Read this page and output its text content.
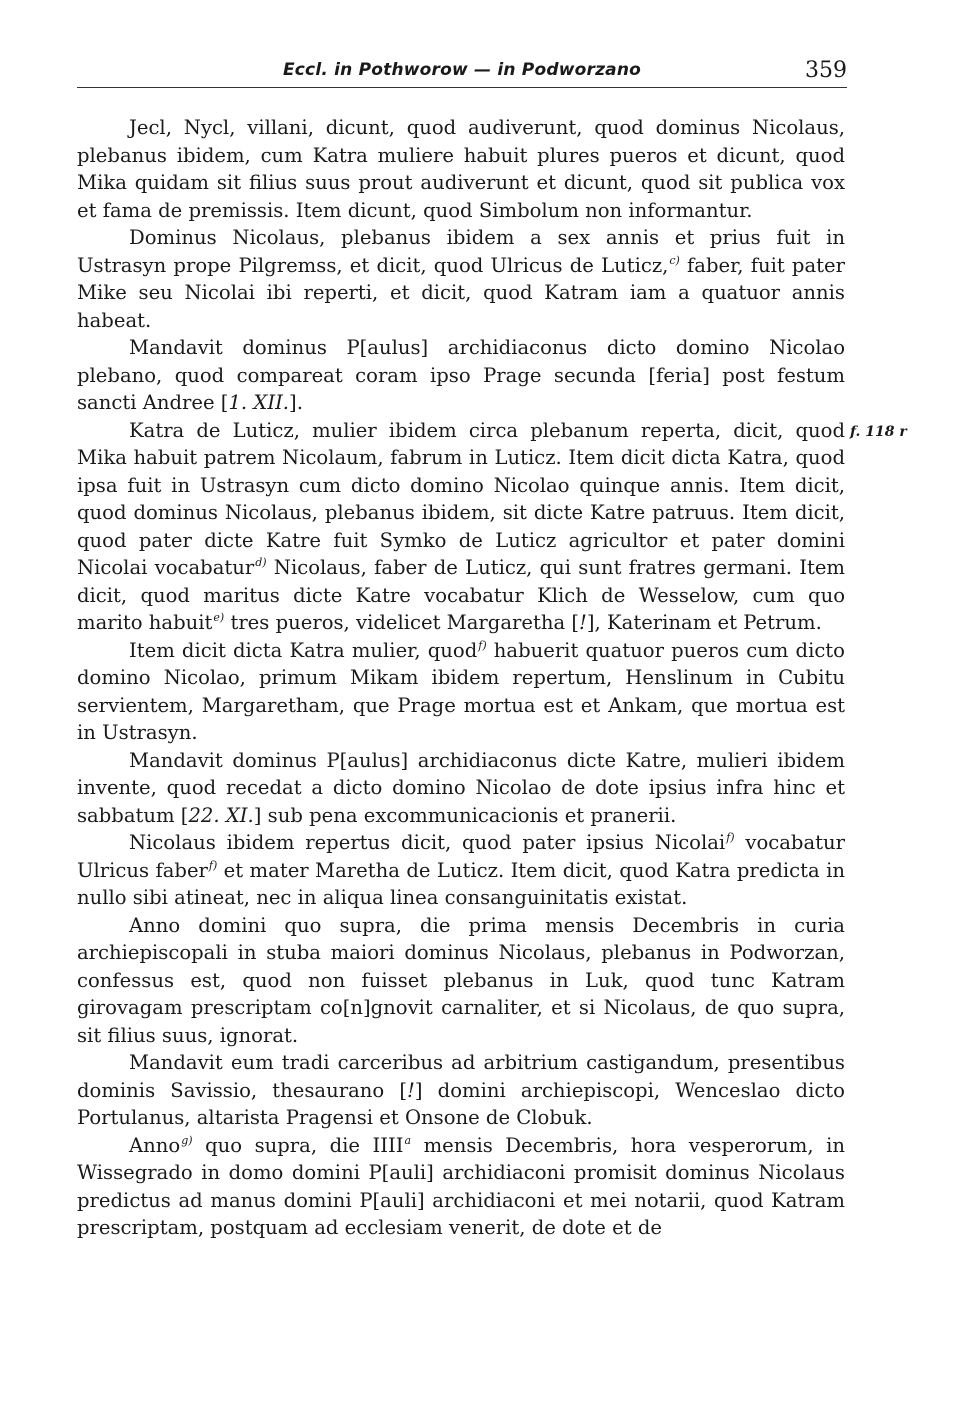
Eccl. in Pothworow — in Podworzano	359
f. 118 r

Jecl, Nycl, villani, dicunt, quod audiverunt, quod dominus Nicolaus, plebanus ibidem, cum Katra muliere habuit plures pueros et dicunt, quod Mika quidam sit filius suus prout audiverunt et dicunt, quod sit publica vox et fama de premissis. Item dicunt, quod Simbolum non informantur.

Dominus Nicolaus, plebanus ibidem a sex annis et prius fuit in Ustrasyn prope Pilgremss, et dicit, quod Ulricus de Luticz,$^{c)}$ faber, fuit pater Mike seu Nicolai ibi reperti, et dicit, quod Katram iam a quatuor annis habeat.

Mandavit dominus P[aulus] archidiaconus dicto domino Nicolao plebano, quod compareat coram ipso Prage secunda [feria] post festum sancti Andree [1. XII.].

Katra de Luticz, mulier ibidem circa plebanum reperta, dicit, quod Mika habuit patrem Nicolaum, fabrum in Luticz. Item dicit dicta Katra, quod ipsa fuit in Ustrasyn cum dicto domino Nicolao quinque annis. Item dicit, quod dominus Nicolaus, plebanus ibidem, sit dicte Katre patruus. Item dicit, quod pater dicte Katre fuit Symko de Luticz agricultor et pater domini Nicolai vocabatur$^{d)}$ Nicolaus, faber de Luticz, qui sunt fratres germani. Item dicit, quod maritus dicte Katre vocabatur Klich de Wesselow, cum quo marito habuit$^{e)}$ tres pueros, videlicet Margaretha [!], Katerinam et Petrum.

Item dicit dicta Katra mulier, quod$^{f)}$ habuerit quatuor pueros cum dicto domino Nicolao, primum Mikam ibidem repertum, Henslinum in Cubitu servientem, Margaretham, que Prage mortua est et Ankam, que mortua est in Ustrasyn.

Mandavit dominus P[aulus] archidiaconus dicte Katre, mulieri ibidem invente, quod recedat a dicto domino Nicolao de dote ipsius infra hinc et sabbatum [22. XI.] sub pena excommunicacionis et pranerii.

Nicolaus ibidem repertus dicit, quod pater ipsius Nicolai$^{f)}$ vocabatur Ulricus faber$^{f)}$ et mater Maretha de Luticz. Item dicit, quod Katra predicta in nullo sibi atineat, nec in aliqua linea consanguinitatis existat.

Anno domini quo supra, die prima mensis Decembris in curia archiepiscopali in stuba maiori dominus Nicolaus, plebanus in Podworzan, confessus est, quod non fuisset plebanus in Luk, quod tunc Katram girovagam prescriptam co[n]gnovit carnaliter, et si Nicolaus, de quo supra, sit filius suus, ignorat.

Mandavit eum tradi carceribus ad arbitrium castigandum, presentibus dominis Savissio, thesaurano [!] domini archiepiscopi, Wenceslao dicto Portulanus, altarista Pragensi et Onsone de Clobuk.

Anno$^{g)}$ quo supra, die IIII$^a$ mensis Decembris, hora vesperorum, in Wissegrado in domo domini P[auli] archidiaconi promisit dominus Nicolaus predictus ad manus domini P[auli] archidiaconi et mei notarii, quod Katram prescriptam, postquam ad ecclesiam venerit, de dote et de
